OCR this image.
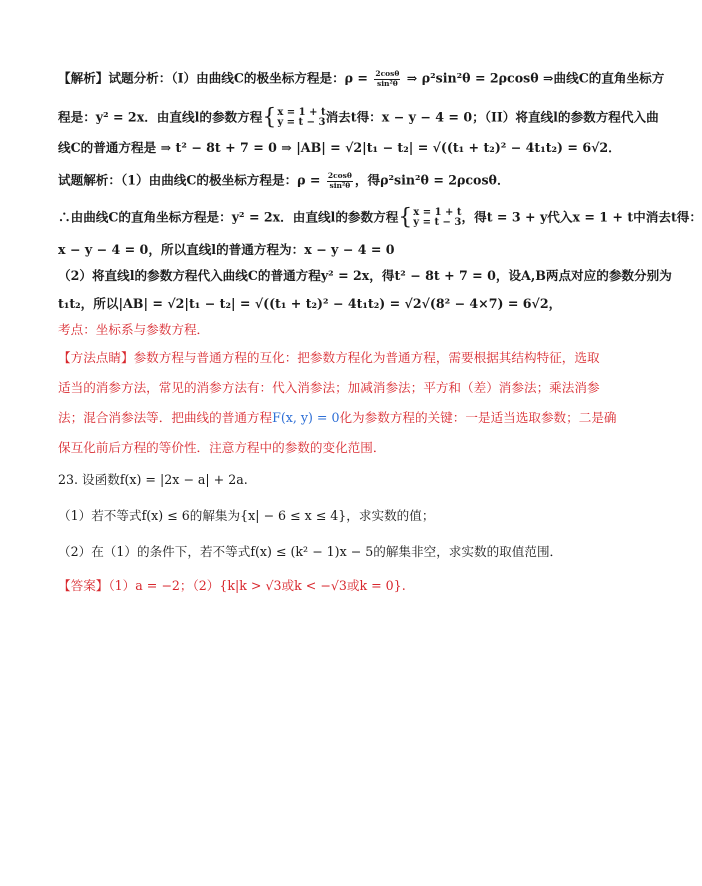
【解析】试题分析：（I）由曲线C的极坐标方程是：$\rho = \frac{2\cos\theta}{\text{sin²θ}}$ ⇒ ρ²sin²θ = 2ρcosθ ⇒曲线C的直角坐标方
程是：y² = 2x．由直线l的参数方程 { x = 1 + t
y = t − 3 消去t得：x − y − 4 = 0；（II）将直线l的参数方程代入曲
线C的普通方程是 ⇒ t² − 8t + 7 = 0 ⇒ |AB| = √2|t₁ − t₂| = √((t₁ + t₂)² − 4t₁t₂) = 6√2．
试题解析：（1）由曲线C的极坐标方程是：$\rho = \frac{2\cos\theta}{\text{sin²θ}}$ ，得ρ²sin²θ = 2ρcosθ．
∴由曲线C的直角坐标方程是：y² = 2x．由直线l的参数方程 { x = 1 + t
y = t − 3 ，得t = 3 + y代入x = 1 + t中消去t得：
x − y − 4 = 0，所以直线l的普通方程为：x − y − 4 = 0
（2）将直线l的参数方程代入曲线C的普通方程y² = 2x，得t² − 8t + 7 = 0，设A,B两点对应的参数分别为
t₁t₂，所以|AB| = √2|t₁ − t₂| = √((t₁ + t₂)² − 4t₁t₂) = √2√(8² − 4×7) = 6√2，
考点：坐标系与参数方程．
【方法点睛】参数方程与普通方程的互化：把参数方程化为普通方程，需要根据其结构特征，选取
适当的消参方法，常见的消参方法有：代入消参法；加减消参法；平方和（差）消参法；乘法消参
法；混合消参法等．把曲线的普通方程F(x, y) = 0化为参数方程的关键：一是适当选取参数；二是确
保互化前后方程的等价性．注意方程中的参数的变化范围．
23. 设函数f(x) = |2x − a| + 2a.
（1）若不等式f(x) ≤ 6的解集为{x| − 6 ≤ x ≤ 4}，求实数的值；
（2）在（1）的条件下，若不等式f(x) ≤ (k² − 1)x − 5的解集非空，求实数的取值范围．
【答案】（1）a = −2；（2）{k|k > √3或k < −√3或k = 0}.
